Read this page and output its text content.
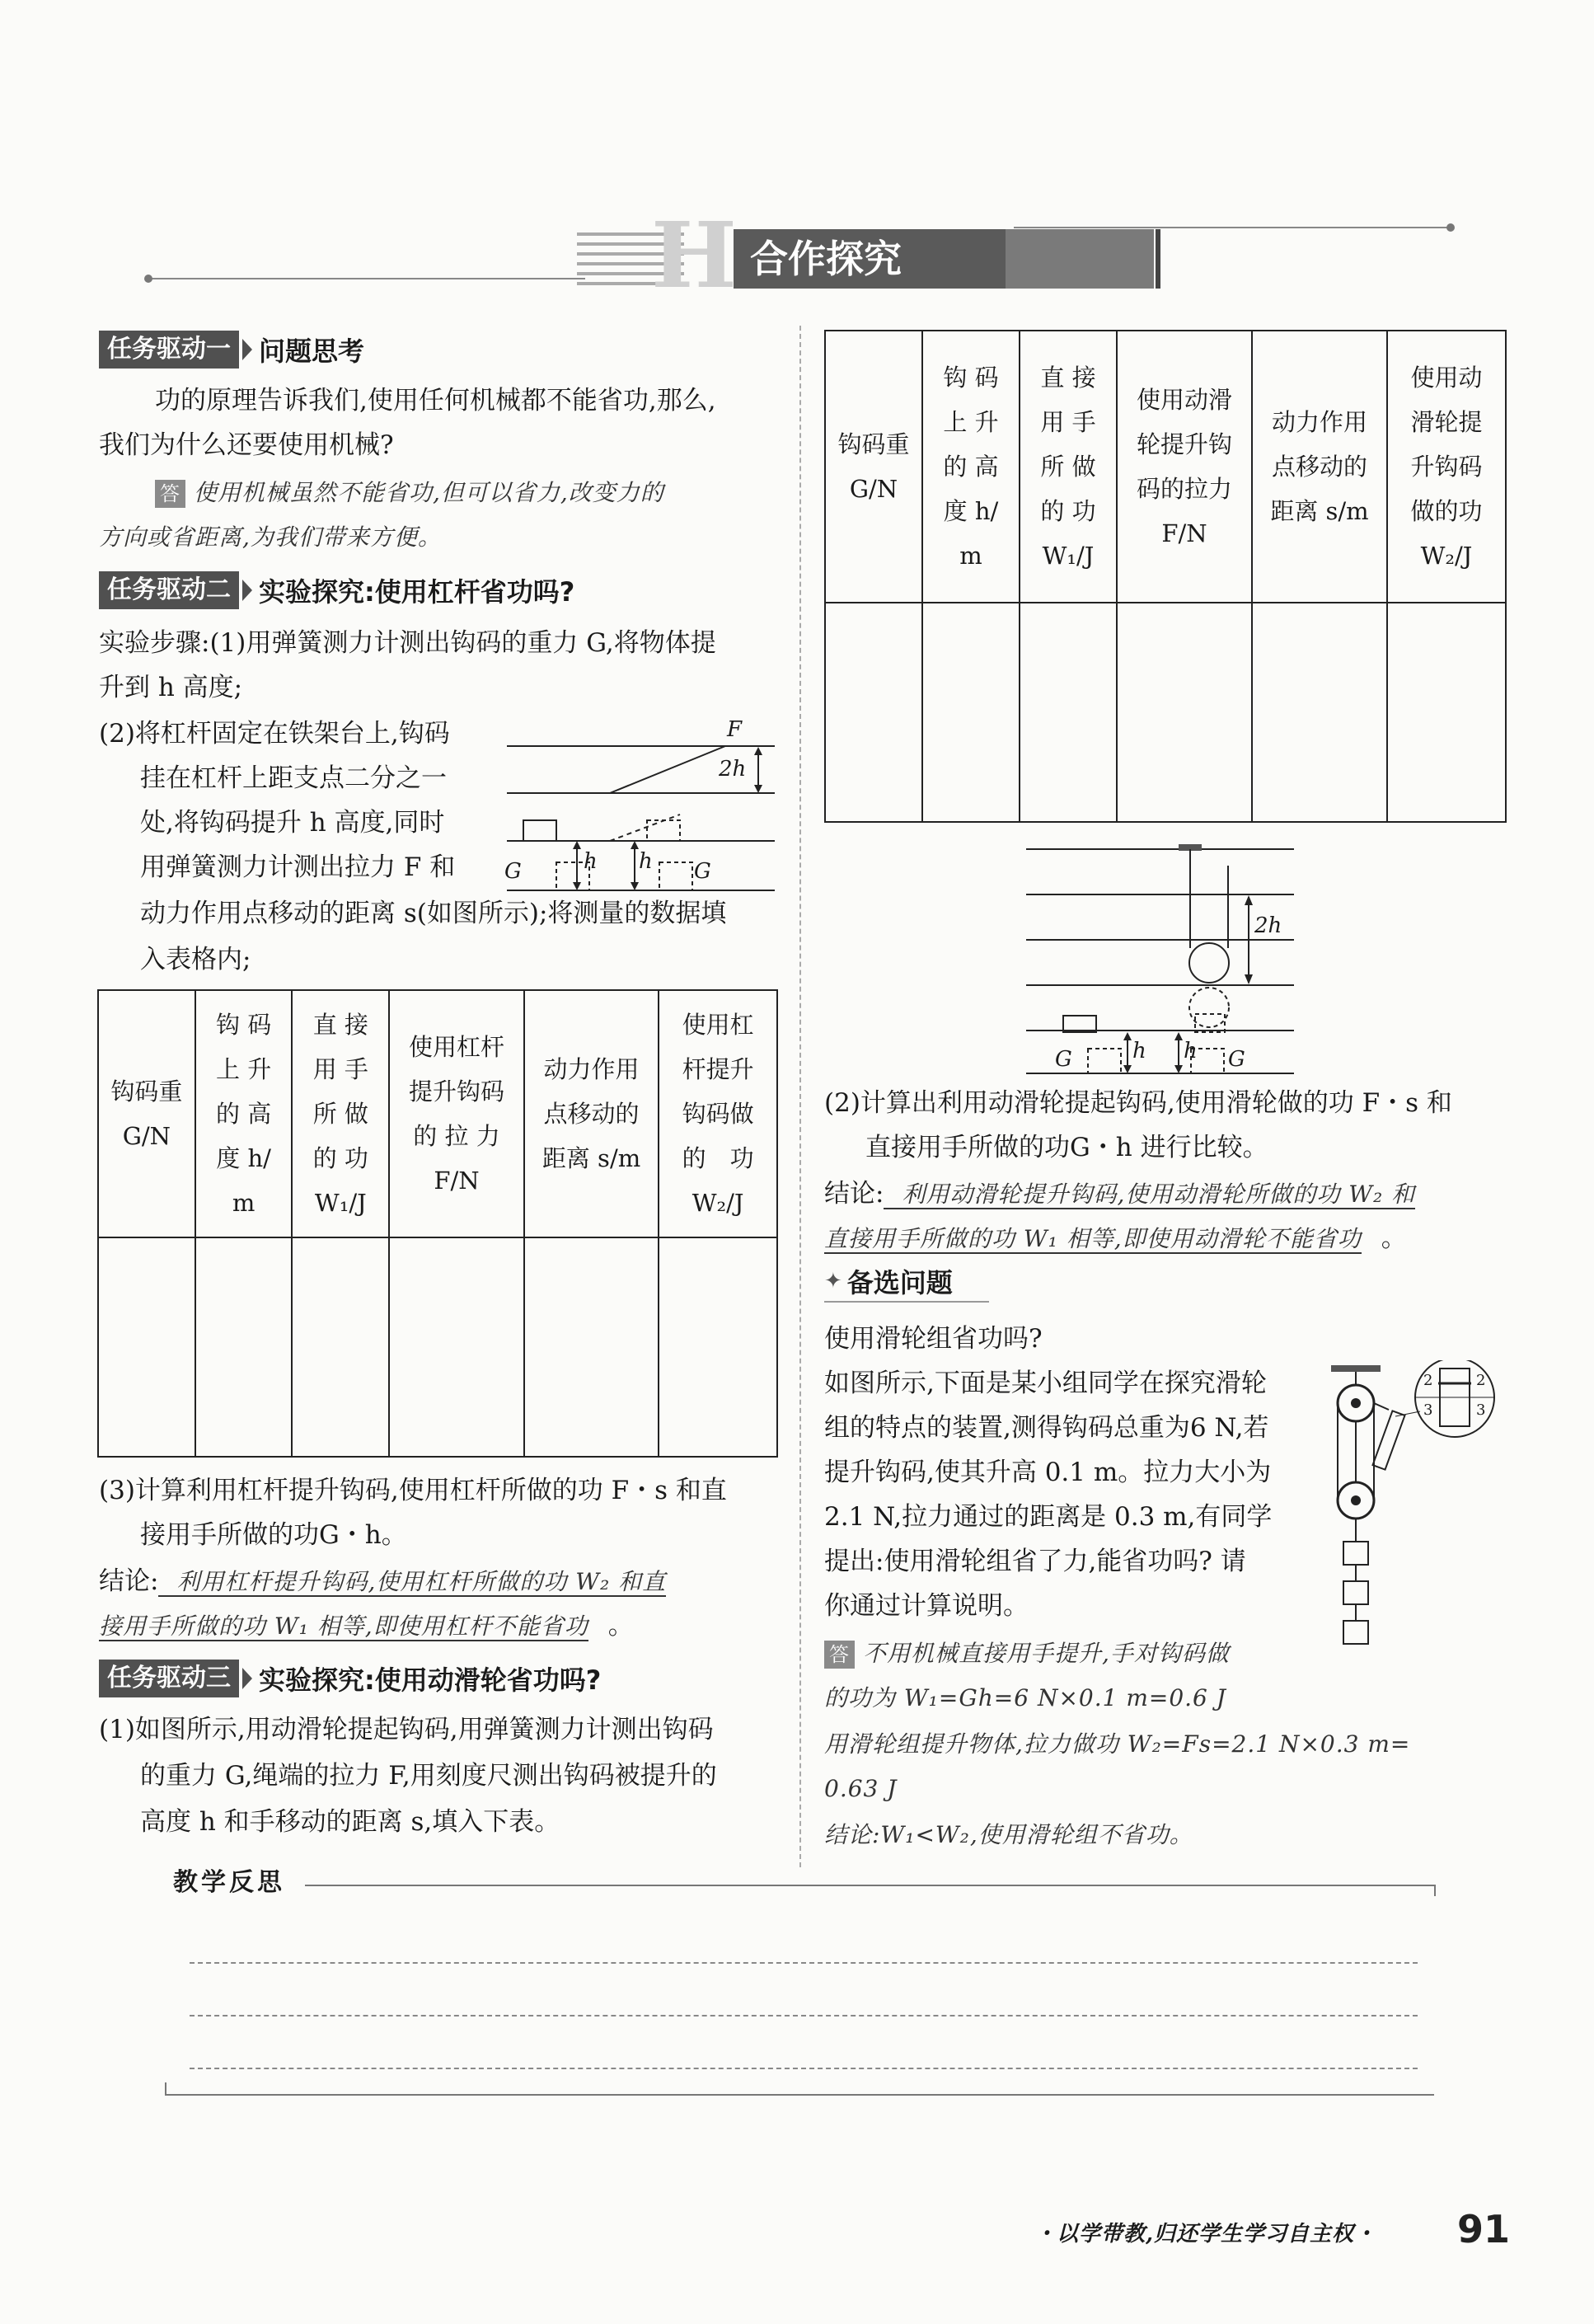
H 合作探究
任务驱动一	问题思考
功的原理告诉我们,使用任何机械都不能省功,那么,
我们为什么还要使用机械?
答 使用机械虽然不能省功,但可以省力,改变力的
方向或省距离,为我们带来方便。
任务驱动二	实验探究:使用杠杆省功吗?
实验步骤:(1)用弹簧测力计测出钩码的重力 G,将物体提
升到 h 高度;
(2)将杠杆固定在铁架台上,钩码
挂在杠杆上距支点二分之一
处,将钩码提升 h 高度,同时
用弹簧测力计测出拉力 F 和
动力作用点移动的距离 s(如图所示);将测量的数据填
入表格内;
F
2h
h
G	h G
钩码重
G/N	钩 码
上 升
的 高
度 h/
m	直 接
用 手
所 做
的 功
W₁/J	使用杠杆
提升钩码
的 拉 力
F/N	动力作用
点移动的
距离 s/m	使用杠
杆提升
钩码做
的　功
W₂/J

(3)计算利用杠杆提升钩码,使用杠杆所做的功 F・s 和直
接用手所做的功G・h。
结论: 利用杠杆提升钩码,使用杠杆所做的功 W₂ 和直
接用手所做的功 W₁ 相等,即使用杠杆不能省功 。
任务驱动三	实验探究:使用动滑轮省功吗?
(1)如图所示,用动滑轮提起钩码,用弹簧测力计测出钩码
的重力 G,绳端的拉力 F,用刻度尺测出钩码被提升的
高度 h 和手移动的距离 s,填入下表。
钩码重
G/N	钩 码
上 升
的 高
度 h/
m	直 接
用 手
所 做
的 功
W₁/J	使用动滑
轮提升钩
码的拉力
F/N	动力作用
点移动的
距离 s/m	使用动
滑轮提
升钩码
做的功
W₂/J

2h
h
G	h G
(2)计算出利用动滑轮提起钩码,使用滑轮做的功 F・s 和
直接用手所做的功G・h 进行比较。
结论: 利用动滑轮提升钩码,使用动滑轮所做的功 W₂ 和
直接用手所做的功 W₁ 相等,即使用动滑轮不能省功 。
✦ 备选问题
使用滑轮组省功吗?
如图所示,下面是某小组同学在探究滑轮
组的特点的装置,测得钩码总重为6 N,若
提升钩码,使其升高 0.1 m。拉力大小为
2.1 N,拉力通过的距离是 0.3 m,有同学
提出:使用滑轮组省了力,能省功吗? 请
你通过计算说明。
2
3
2
3
答 不用机械直接用手提升,手对钩码做
的功为 W₁=Gh=6 N×0.1 m=0.6 J
用滑轮组提升物体,拉力做功 W₂=Fs=2.1 N×0.3 m=
0.63 J
结论:W₁<W₂,使用滑轮组不省功。
教学反思
・以学带教,归还学生学习自主权・ 91
